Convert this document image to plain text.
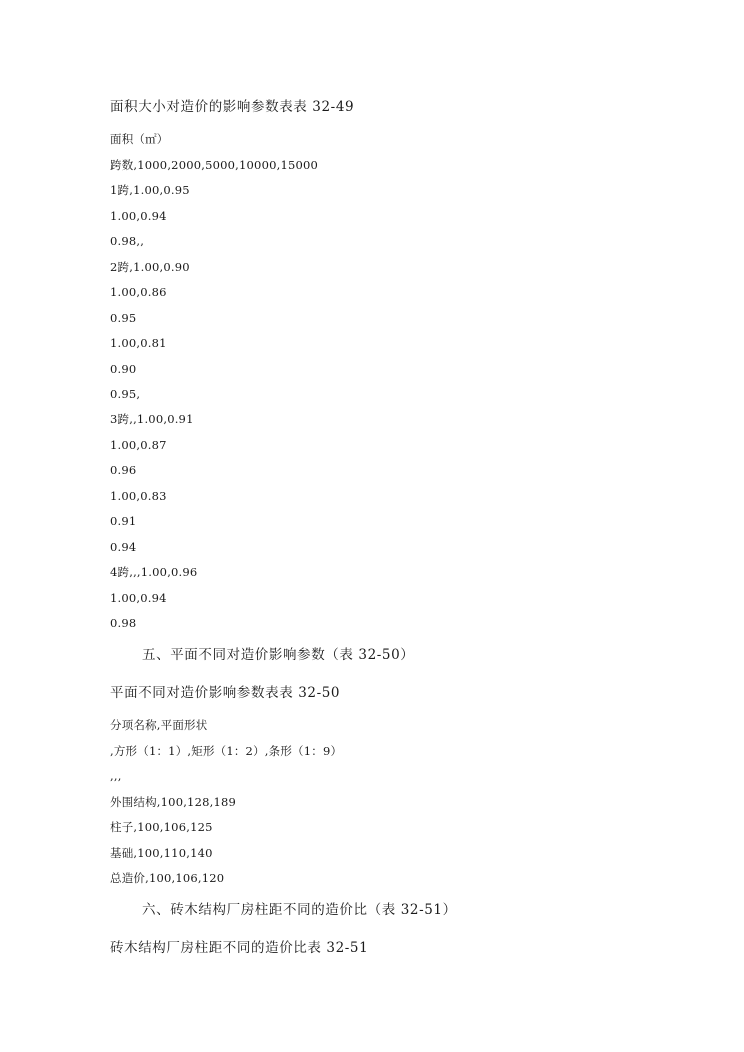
面积大小对造价的影响参数表表 32-49
面积（㎡）
跨数,1000,2000,5000,10000,15000
1跨,1.00,0.95
1.00,0.94
0.98,,
2跨,1.00,0.90
1.00,0.86
0.95
1.00,0.81
0.90
0.95,
3跨,,1.00,0.91
1.00,0.87
0.96
1.00,0.83
0.91
0.94
4跨,,,1.00,0.96
1.00,0.94
0.98
五、平面不同对造价影响参数（表 32-50）
平面不同对造价影响参数表表 32-50
分项名称,平面形状
,方形（1：1）,矩形（1：2）,条形（1：9）
,,,
外围结构,100,128,189
柱子,100,106,125
基础,100,110,140
总造价,100,106,120
六、砖木结构厂房柱距不同的造价比（表 32-51）
砖木结构厂房柱距不同的造价比表 32-51
